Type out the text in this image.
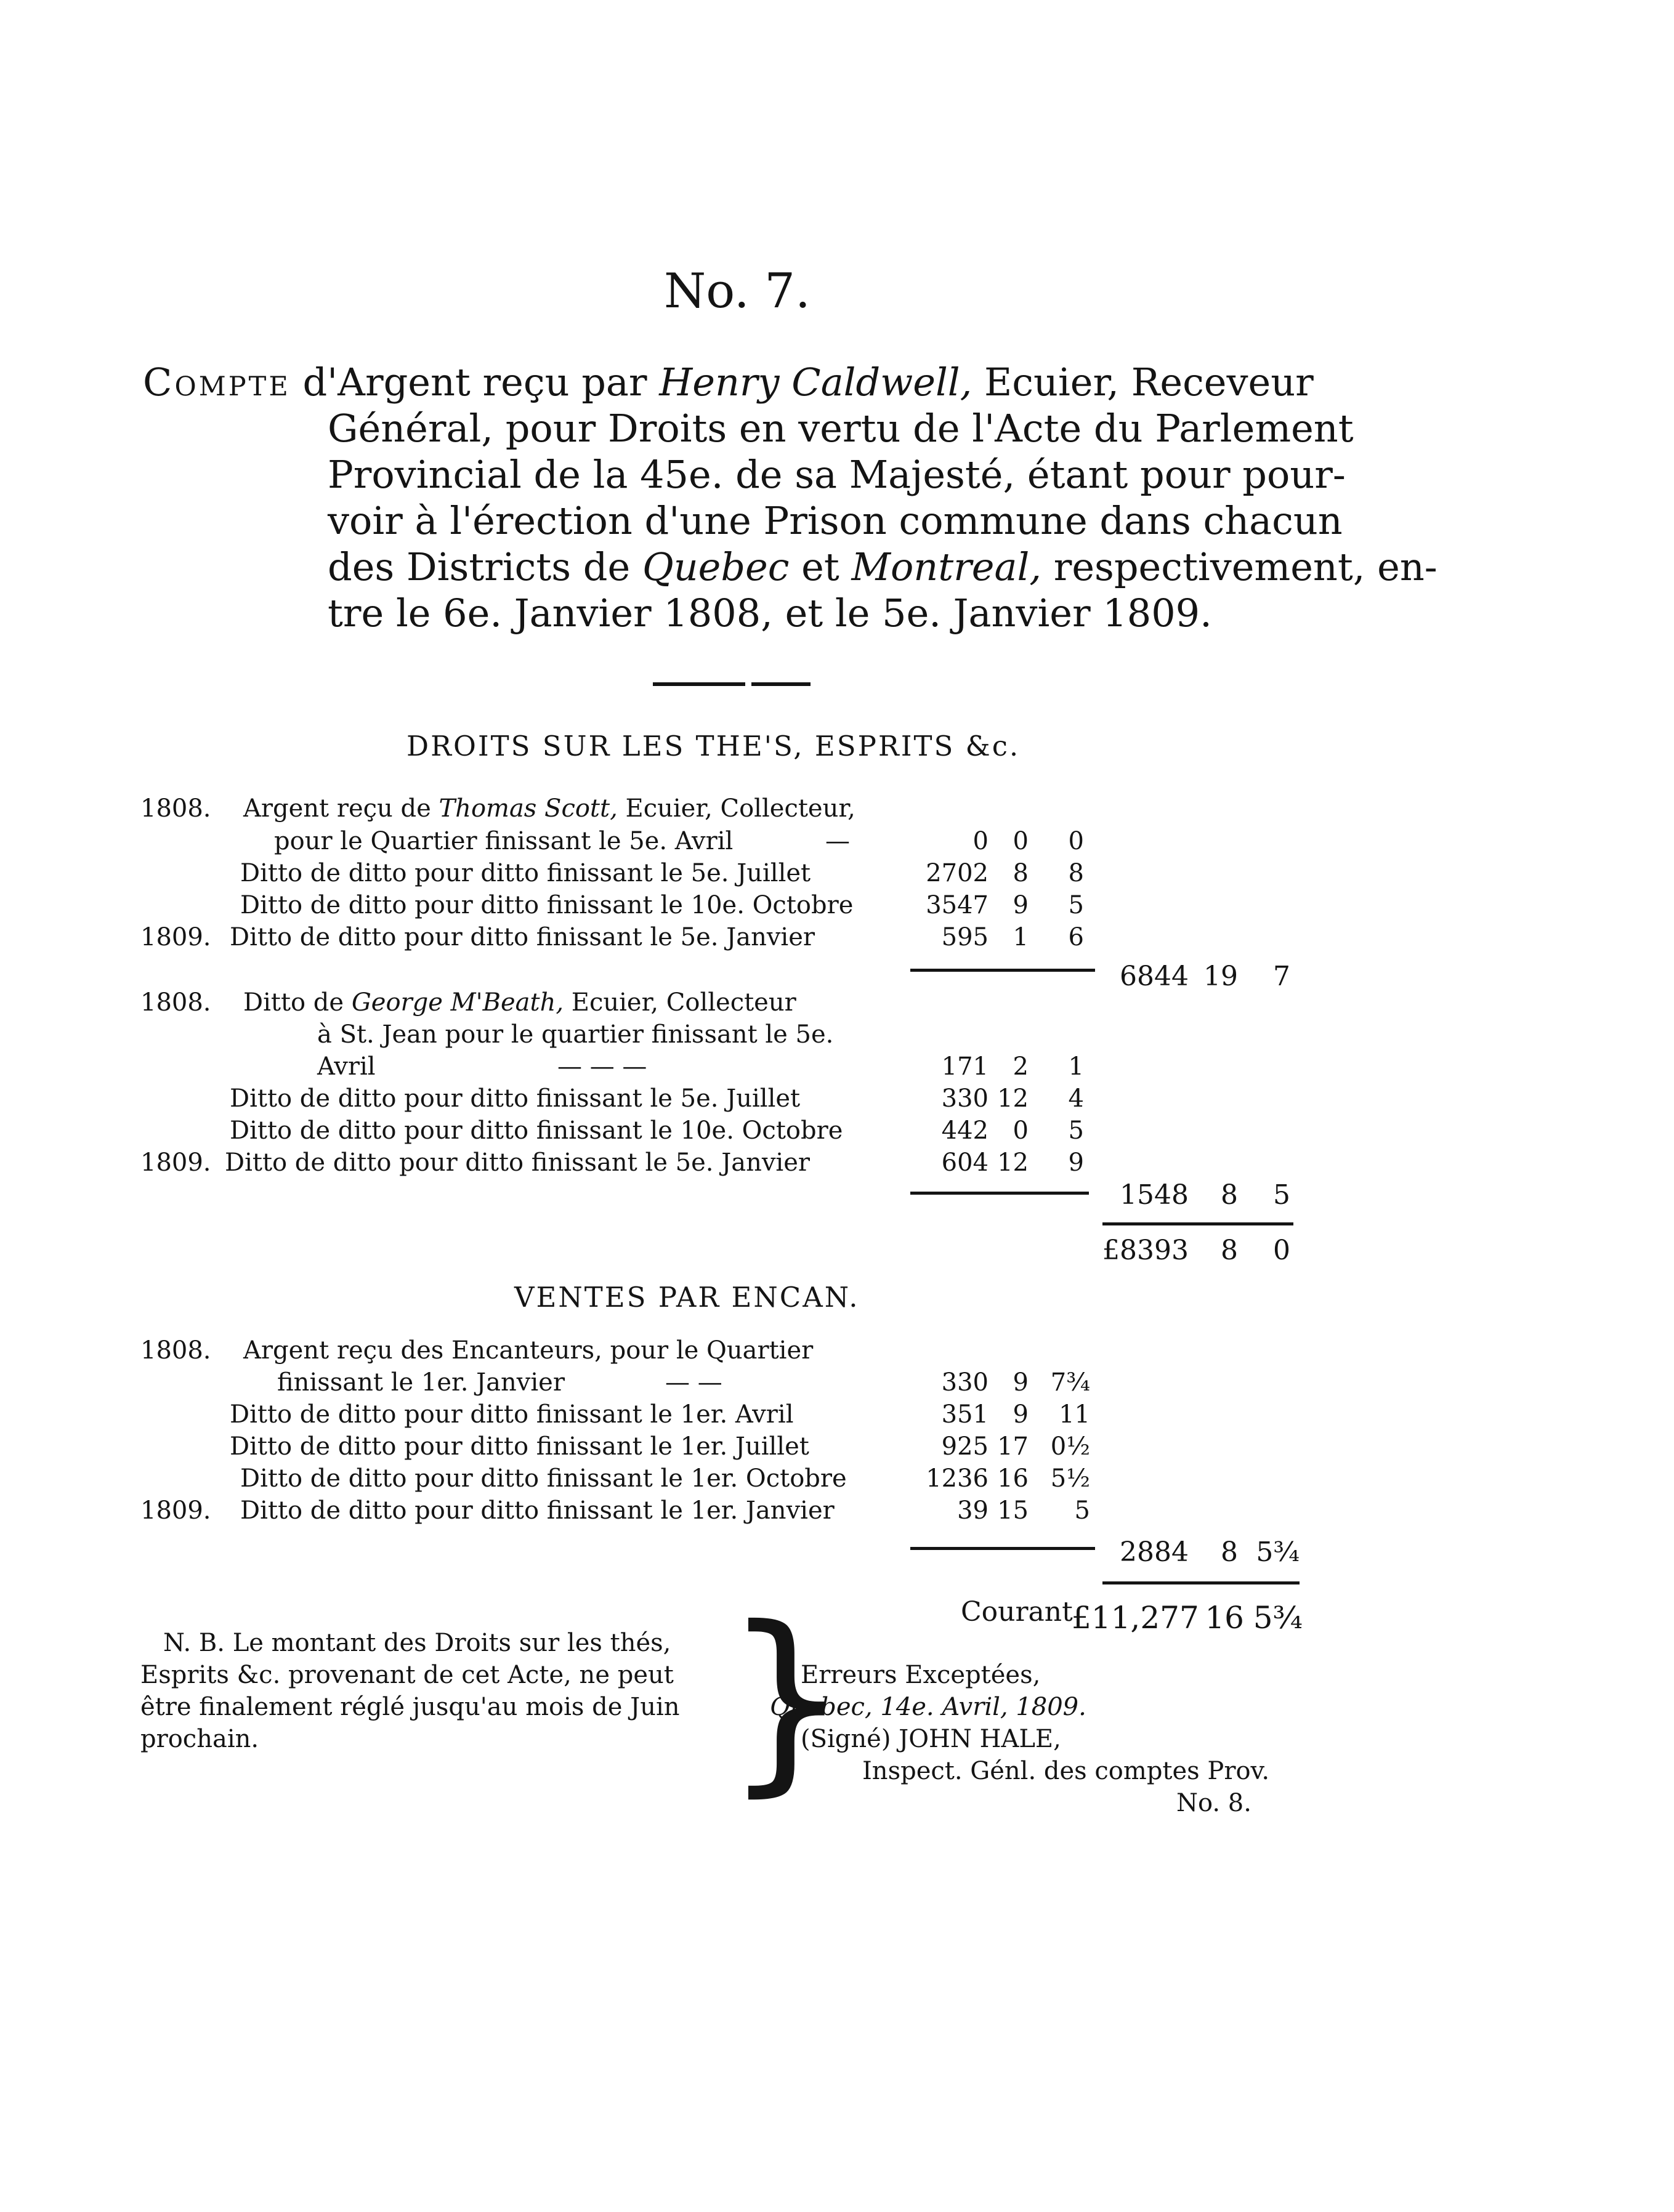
No. 7.
Compte d'Argent reçu par Henry Caldwell, Ecuier, Receveur
Général, pour Droits en vertu de l'Acte du Parlement
Provincial de la 45e. de sa Majesté, étant pour pour-
voir à l'érection d'une Prison commune dans chacun
des Districts de Quebec et Montreal, respectivement, en-
tre le 6e. Janvier 1808, et le 5e. Janvier 1809.
DROITS SUR LES THE'S, ESPRITS &c.
1808. Argent reçu de Thomas Scott, Ecuier, Collecteur,
pour le Quartier finissant le 5e. Avril	—	0 0	0
Ditto de ditto pour ditto finissant le 5e. Juillet	2702 8	8
Ditto de ditto pour ditto finissant le 10e. Octobre	3547 9	5
1809. Ditto de ditto pour ditto finissant le 5e. Janvier	595 1	6
6844 19	7
1808. Ditto de George M'Beath, Ecuier, Collecteur
à St. Jean pour le quartier finissant le 5e.
Avril	— — —	171 2	1
Ditto de ditto pour ditto finissant le 5e. Juillet	330 12	4
Ditto de ditto pour ditto finissant le 10e. Octobre	442 0	5
1809. Ditto de ditto pour ditto finissant le 5e. Janvier	604 12	9
1548	8	5
£8393	8	0
VENTES PAR ENCAN.
1808. Argent reçu des Encanteurs, pour le Quartier
finissant le 1er. Janvier	— —	330 9 7¾
Ditto de ditto pour ditto finissant le 1er. Avril	351 9	11
Ditto de ditto pour ditto finissant le 1er. Juillet	925 17 0½
Ditto de ditto pour ditto finissant le 1er. Octobre	1236 16 5½
1809. Ditto de ditto pour ditto finissant le 1er. Janvier	39 15	5
2884	8 5¾
Courant
£11,277 16 5¾
N. B. Le montant des Droits sur les thés,
Esprits &c. provenant de cet Acte, ne peut
être finalement réglé jusqu'au mois de Juin
prochain. }
Erreurs Exceptées,
Quebec, 14e. Avril, 1809.
(Signé) JOHN HALE,
Inspect. Génl. des comptes Prov.
No. 8.
